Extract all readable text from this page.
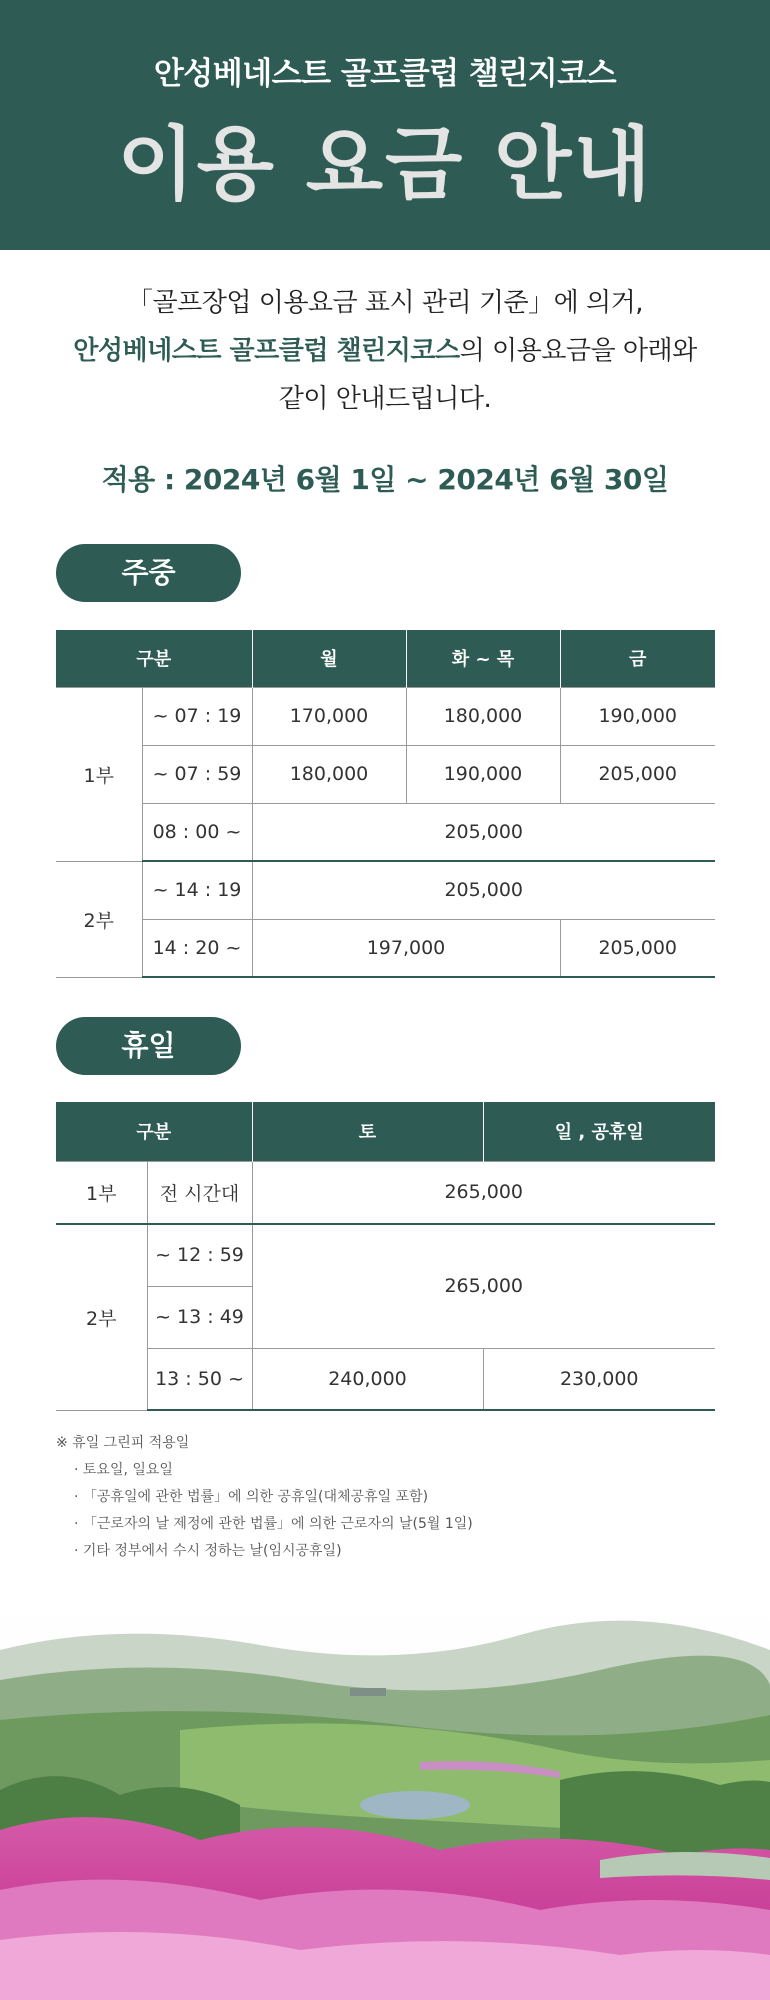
안성베네스트 골프클럽 챌린지코스
이용 요금 안내
「골프장업 이용요금 표시 관리 기준」에 의거,
안성베네스트 골프클럽 챌린지코스의 이용요금을 아래와
같이 안내드립니다.
적용 : 2024년 6월 1일 ~ 2024년 6월 30일
주중
구분		월	화 ~ 목	금
1부	~ 07 : 19	170,000	180,000	190,000
	~ 07 : 59	180,000	190,000	205,000
	08 : 00 ~	205,000		
2부	~ 14 : 19	205,000		
	14 : 20 ~	197,000		205,000
휴일
구분		토	일 , 공휴일
1부	전 시간대	265,000	
2부	~ 12 : 59	265,000	
	~ 13 : 49		
	13 : 50 ~	240,000	230,000
※ 휴일 그린피 적용일
· 토요일, 일요일
· 「공휴일에 관한 법률」에 의한 공휴일(대체공휴일 포함)
· 「근로자의 날 제정에 관한 법률」에 의한 근로자의 날(5월 1일)
· 기타 정부에서 수시 정하는 날(임시공휴일)
